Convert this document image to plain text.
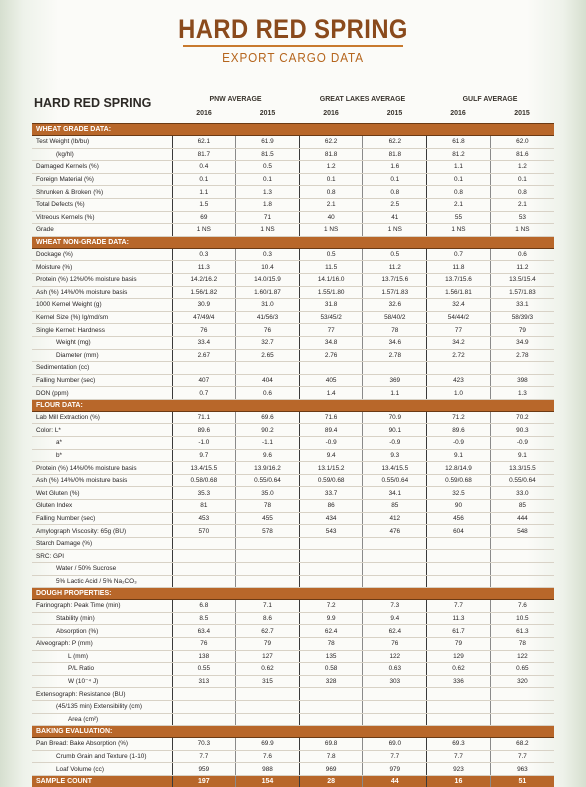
HARD RED SPRING
EXPORT CARGO DATA
HARD RED SPRING	PNW AVERAGE	GREAT LAKES AVERAGE	GULF AVERAGE
2016	2015	2016	2015	2016	2015
WHEAT GRADE DATA:						
Test Weight (lb/bu)	62.1	61.9	62.2	62.2	61.8	62.0
(kg/hl)	81.7	81.5	81.8	81.8	81.2	81.6
Damaged Kernels (%)	0.4	0.5	1.2	1.6	1.1	1.2
Foreign Material (%)	0.1	0.1	0.1	0.1	0.1	0.1
Shrunken & Broken (%)	1.1	1.3	0.8	0.8	0.8	0.8
Total Defects (%)	1.5	1.8	2.1	2.5	2.1	2.1
Vitreous Kernels (%)	69	71	40	41	55	53
Grade	1 NS	1 NS	1 NS	1 NS	1 NS	1 NS
WHEAT NON-GRADE DATA:						
Dockage (%)	0.3	0.3	0.5	0.5	0.7	0.6
Moisture (%)	11.3	10.4	11.5	11.2	11.8	11.2
Protein (%) 12%/0% moisture basis	14.2/16.2	14.0/15.9	14.1/16.0	13.7/15.6	13.7/15.6	13.5/15.4
Ash (%) 14%/0% moisture basis	1.56/1.82	1.60/1.87	1.55/1.80	1.57/1.83	1.56/1.81	1.57/1.83
1000 Kernel Weight (g)	30.9	31.0	31.8	32.6	32.4	33.1
Kernel Size (%) lg/md/sm	47/49/4	41/56/3	53/45/2	58/40/2	54/44/2	58/39/3
Single Kernel: Hardness	76	76	77	78	77	79
Weight (mg)	33.4	32.7	34.8	34.6	34.2	34.9
Diameter (mm)	2.67	2.65	2.76	2.78	2.72	2.78
Sedimentation (cc)						
Falling Number (sec)	407	404	405	369	423	398
DON (ppm)	0.7	0.6	1.4	1.1	1.0	1.3
FLOUR DATA:						
Lab Mill Extraction (%)	71.1	69.6	71.6	70.9	71.2	70.2
Color: L*	89.6	90.2	89.4	90.1	89.6	90.3
a*	-1.0	-1.1	-0.9	-0.9	-0.9	-0.9
b*	9.7	9.6	9.4	9.3	9.1	9.1
Protein (%) 14%/0% moisture basis	13.4/15.5	13.9/16.2	13.1/15.2	13.4/15.5	12.8/14.9	13.3/15.5
Ash (%) 14%/0% moisture basis	0.58/0.68	0.55/0.64	0.59/0.68	0.55/0.64	0.59/0.68	0.55/0.64
Wet Gluten (%)	35.3	35.0	33.7	34.1	32.5	33.0
Gluten Index	81	78	86	85	90	85
Falling Number (sec)	453	455	434	412	456	444
Amylograph Viscosity: 65g (BU)	570	578	543	476	604	548
Starch Damage (%)						
SRC: GPI						
Water / 50% Sucrose						
5% Lactic Acid / 5% Na₂CO₃						
DOUGH PROPERTIES:						
Farinograph: Peak Time (min)	6.8	7.1	7.2	7.3	7.7	7.6
Stability (min)	8.5	8.6	9.9	9.4	11.3	10.5
Absorption (%)	63.4	62.7	62.4	62.4	61.7	61.3
Alveograph: P (mm)	76	79	78	76	79	78
L (mm)	138	127	135	122	129	122
P/L Ratio	0.55	0.62	0.58	0.63	0.62	0.65
W (10⁻⁴ J)	313	315	328	303	336	320
Extensograph: Resistance (BU)						
(45/135 min) Extensibility (cm)						
Area (cm²)						
BAKING EVALUATION:						
Pan Bread: Bake Absorption (%)	70.3	69.9	69.8	69.0	69.3	68.2
Crumb Grain and Texture (1-10)	7.7	7.6	7.8	7.7	7.7	7.7
Loaf Volume (cc)	959	988	969	979	923	963
SAMPLE COUNT	197	154	28	44	16	51
